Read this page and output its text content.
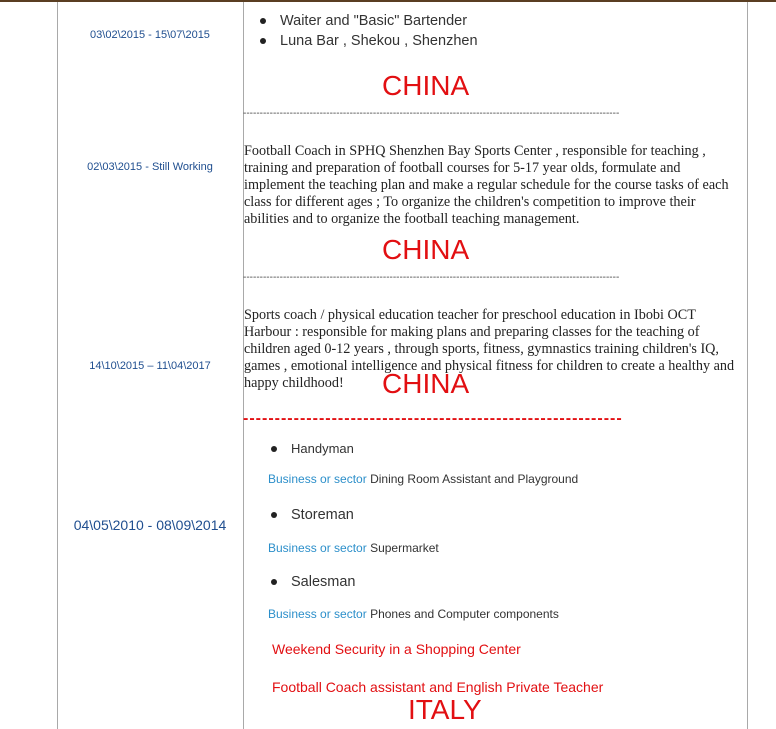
03\02\2015 - 15\07\2015
Waiter and "Basic" Bartender
Luna Bar , Shekou , Shenzhen
CHINA
-----------------------------------------------------------------------------------------------------------------
02\03\2015 - Still Working
Football Coach in SPHQ Shenzhen Bay Sports Center , responsible for teaching , training and preparation of football courses for 5-17 year olds, formulate and implement the teaching plan and make a regular schedule for the course tasks of each class for different ages ; To organize the children's competition to improve their abilities and to organize the football teaching management.
CHINA
-----------------------------------------------------------------------------------------------------------------
14\10\2015 – 11\04\2017
Sports coach / physical education teacher for preschool education in Ibobi OCT Harbour : responsible for making plans and preparing classes for the teaching of children aged 0-12 years , through sports, fitness, gymnastics training children's IQ, games , emotional intelligence and physical fitness for children to create a healthy and happy childhood!	CHINA
------------------------------------------------------------
04\05\2010 - 08\09\2014
Handyman
Business or sector Dining Room Assistant and Playground
Storeman
Business or sector Supermarket
Salesman
Business or sector Phones and Computer components
Weekend Security in a Shopping Center
Football Coach assistant and English Private Teacher
ITALY
